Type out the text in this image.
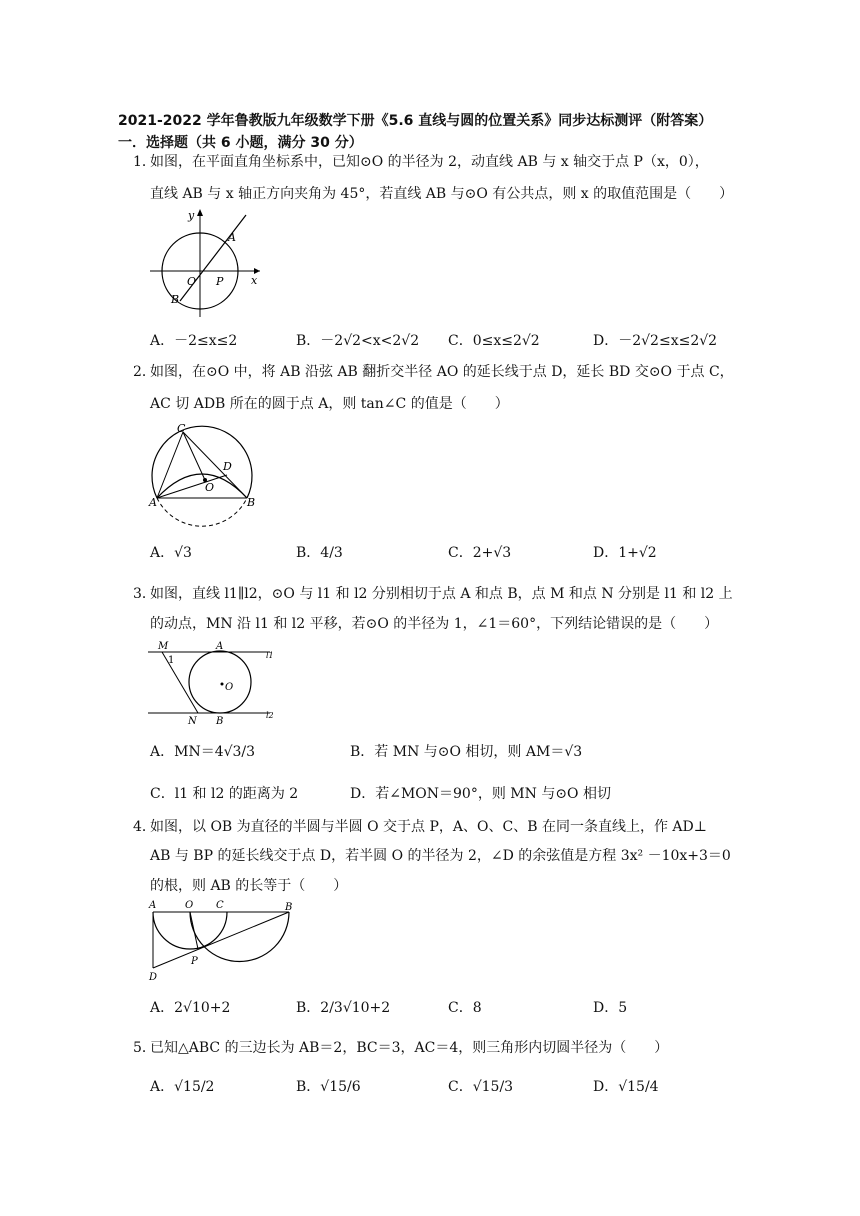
2021-2022 学年鲁教版九年级数学下册《5.6 直线与圆的位置关系》同步达标测评（附答案）
一．选择题（共 6 小题，满分 30 分）
1．
如图，在平面直角坐标系中，已知⊙O 的半径为 2，动直线 AB 与 x 轴交于点 P（x，0），
直线 AB 与 x 轴正方向夹角为 45°，若直线 AB 与⊙O 有公共点，则 x 的取值范围是（　　）
y
A
O P	x
B
A．－2≤x≤2	B．－2√2<x<2√2 C．0≤x≤2√2	D．－2√2≤x≤2√2
2．
如图，在⊙O 中，将 AB 沿弦 AB 翻折交半径 AO 的延长线于点 D，延长 BD 交⊙O 于点 C，
AC 切 ADB 所在的圆于点 A，则 tan∠C 的值是（　　）
C
D
O
A	B
A．√3	B．4/3	C．2+√3	D．1+√2
3．
如图，直线 l1∥l2，⊙O 与 l1 和 l2 分别相切于点 A 和点 B，点 M 和点 N 分别是 l1 和 l2 上
的动点，MN 沿 l1 和 l2 平移，若⊙O 的半径为 1，∠1＝60°，下列结论错误的是（　　）
M
1
A
l1
O
N B
l2
A．MN＝4√3/3	B．若 MN 与⊙O 相切，则 AM＝√3
C．l1 和 l2 的距离为 2	D．若∠MON＝90°，则 MN 与⊙O 相切
4．
如图，以 OB 为直径的半圆与半圆 O 交于点 P，A、O、C、B 在同一条直线上，作 AD⊥
AB 与 BP 的延长线交于点 D，若半圆 O 的半径为 2，∠D 的余弦值是方程 3x² －10x+3＝0
的根，则 AB 的长等于（　　）
A	O C	B
P
D
A．2√10+2	B．2/3√10+2	C．8	D．5
5．
已知△ABC 的三边长为 AB＝2，BC＝3，AC＝4，则三角形内切圆半径为（　　）
A．√15/2	B．√15/6	C．√15/3	D．√15/4
